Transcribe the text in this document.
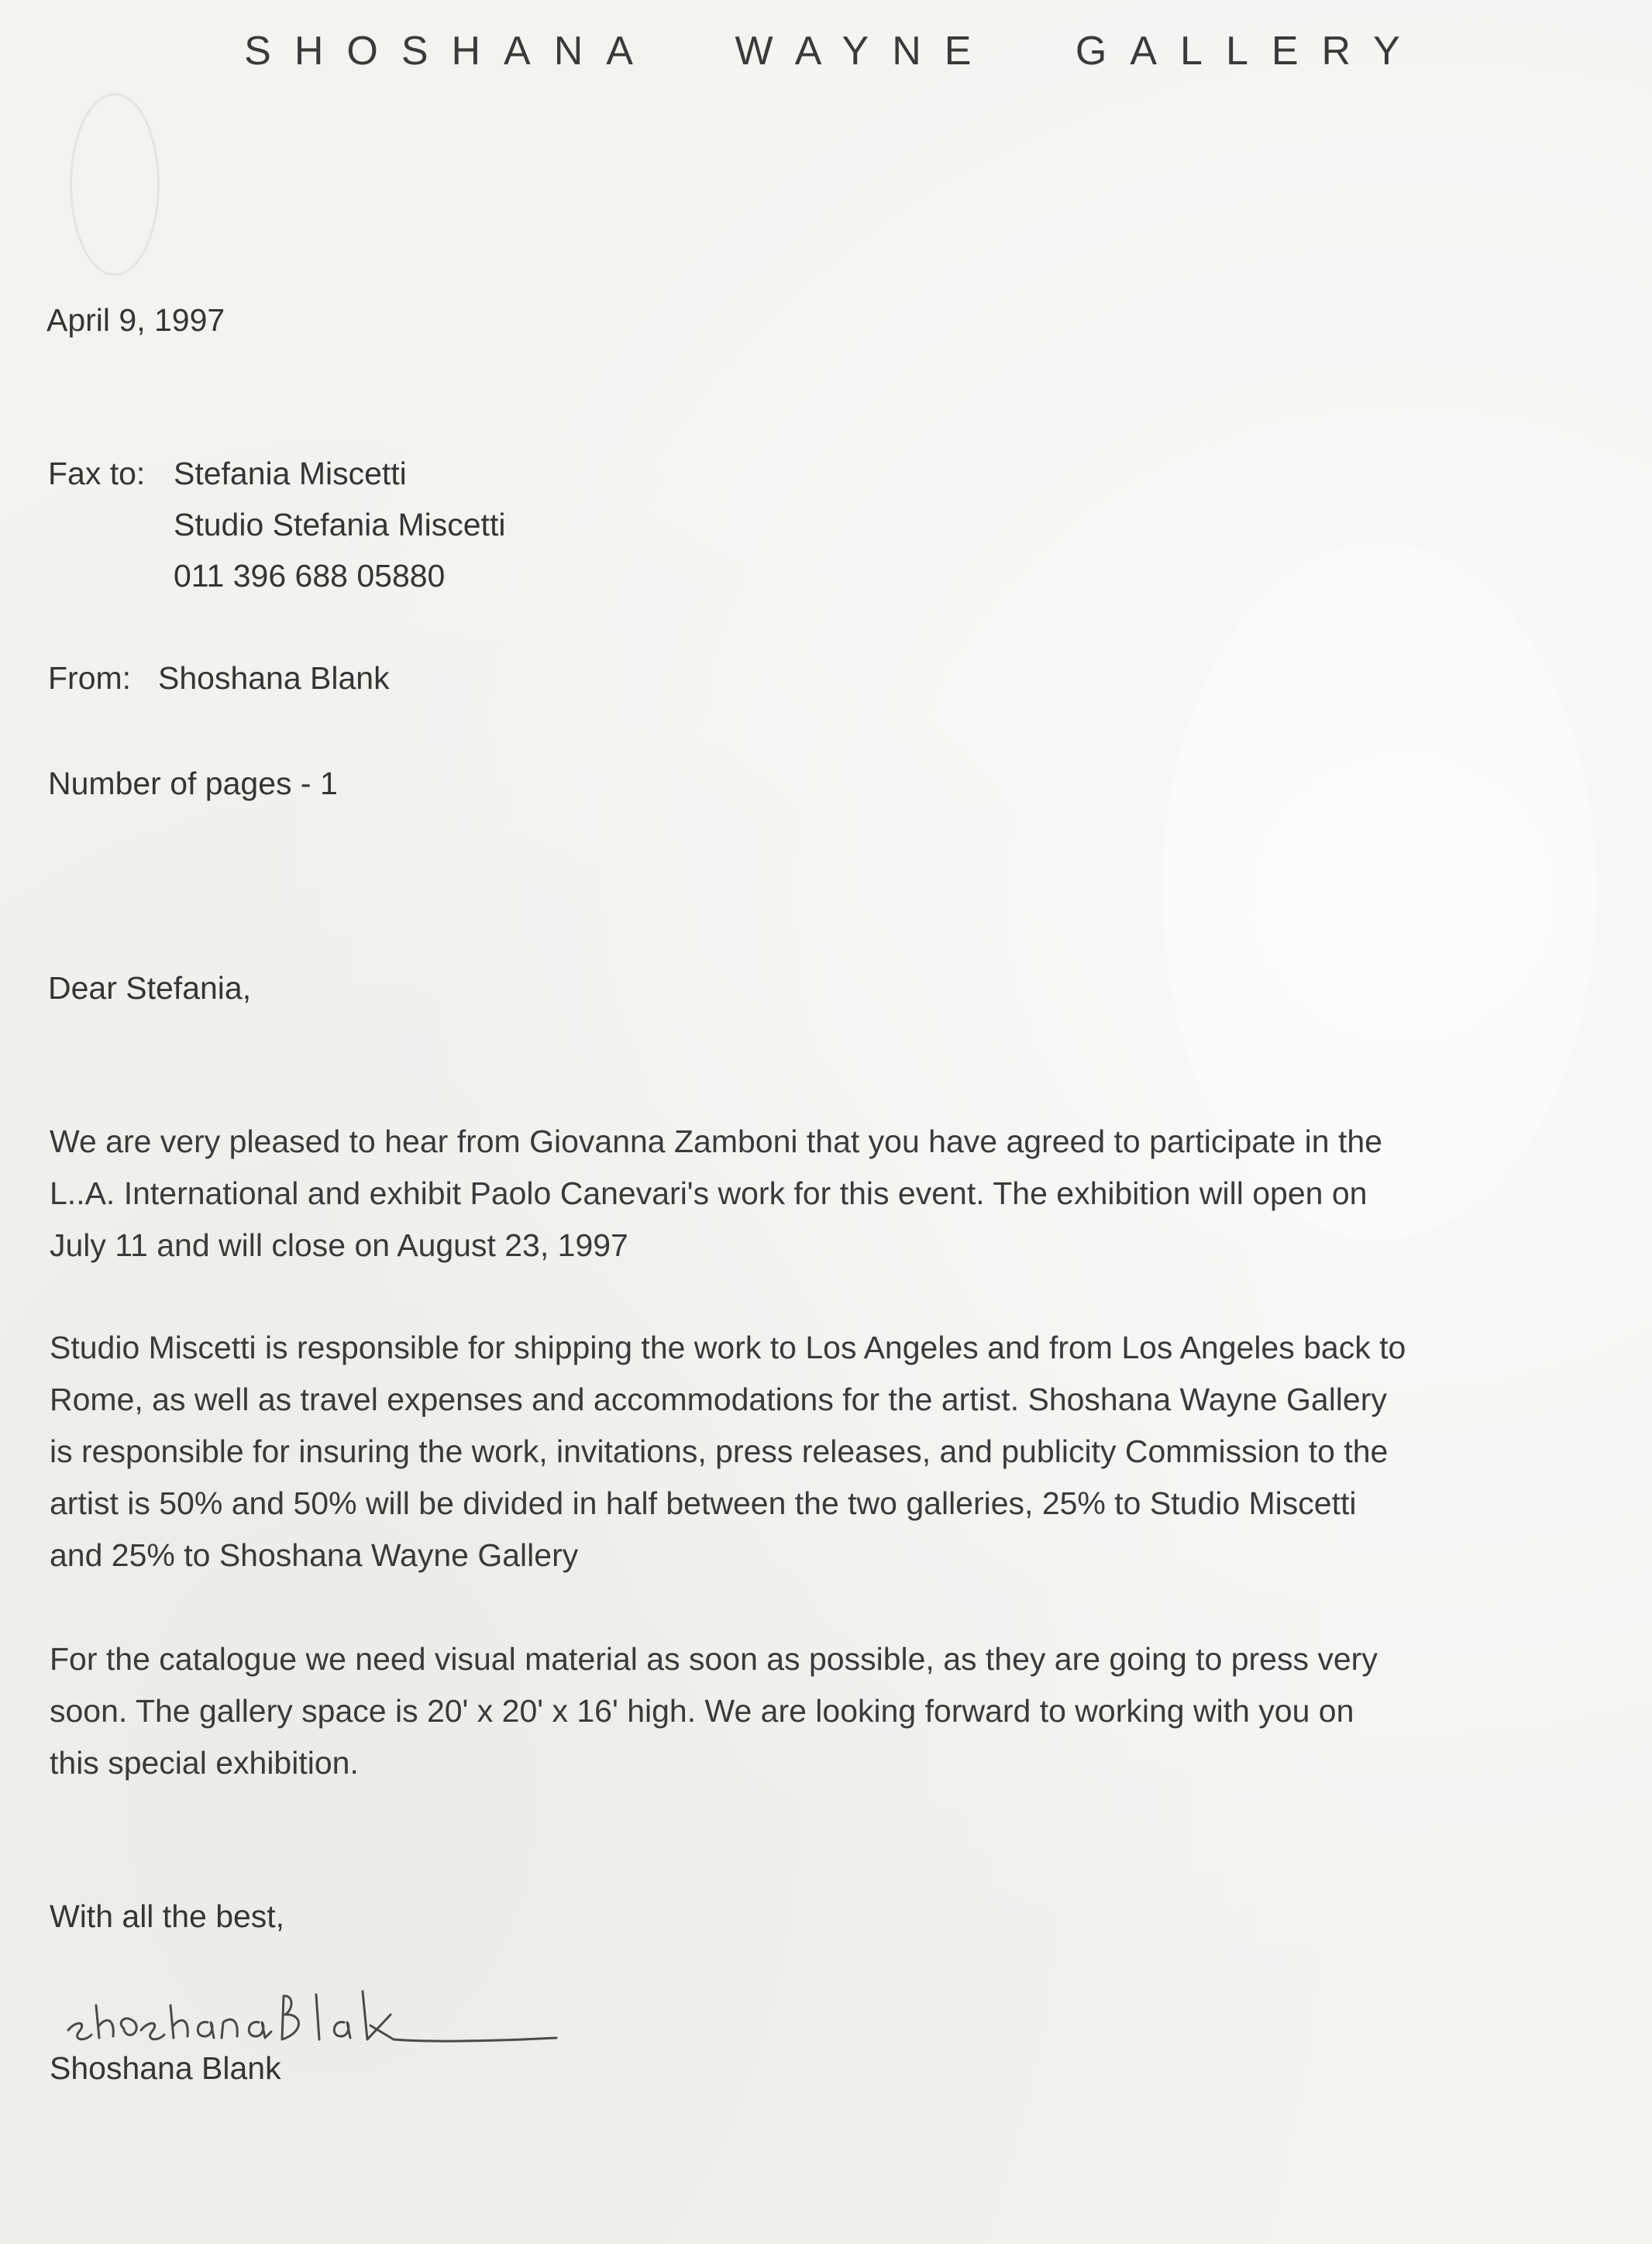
SHOSHANA WAYNE GALLERY
April 9, 1997
Fax to: Stefania Miscetti
Studio Stefania Miscetti
011 396 688 05880
From: Shoshana Blank
Number of pages - 1
Dear Stefania,
We are very pleased to hear from Giovanna Zamboni that you have agreed to participate in the
L..A. International and exhibit Paolo Canevari's work for this event. The exhibition will open on
July 11 and will close on August 23, 1997
Studio Miscetti is responsible for shipping the work to Los Angeles and from Los Angeles back to
Rome, as well as travel expenses and accommodations for the artist. Shoshana Wayne Gallery
is responsible for insuring the work, invitations, press releases, and publicity Commission to the
artist is 50% and 50% will be divided in half between the two galleries, 25% to Studio Miscetti
and 25% to Shoshana Wayne Gallery
For the catalogue we need visual material as soon as possible, as they are going to press very
soon. The gallery space is 20' x 20' x 16' high. We are looking forward to working with you on
this special exhibition.
With all the best,
Shoshana Blank
